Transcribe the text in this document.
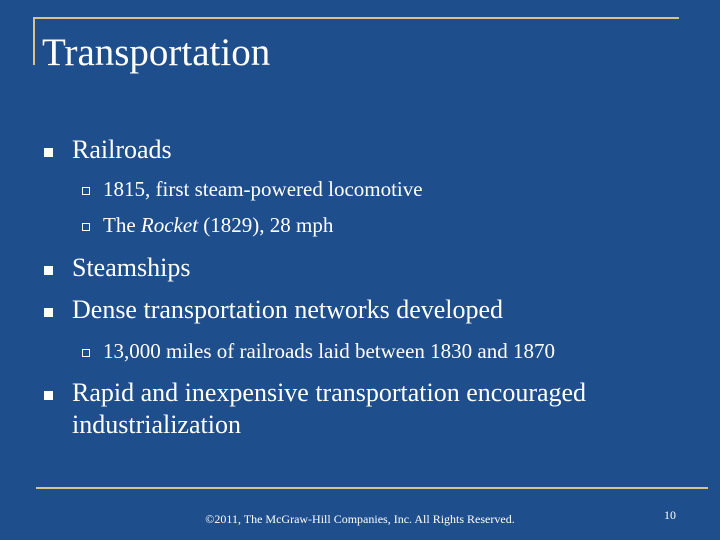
Transportation
Railroads
1815, first steam-powered locomotive
The Rocket (1829), 28 mph
Steamships
Dense transportation networks developed
13,000 miles of railroads laid between 1830 and 1870
Rapid and inexpensive transportation encouraged industrialization
©2011, The McGraw-Hill Companies, Inc. All Rights Reserved.	10
